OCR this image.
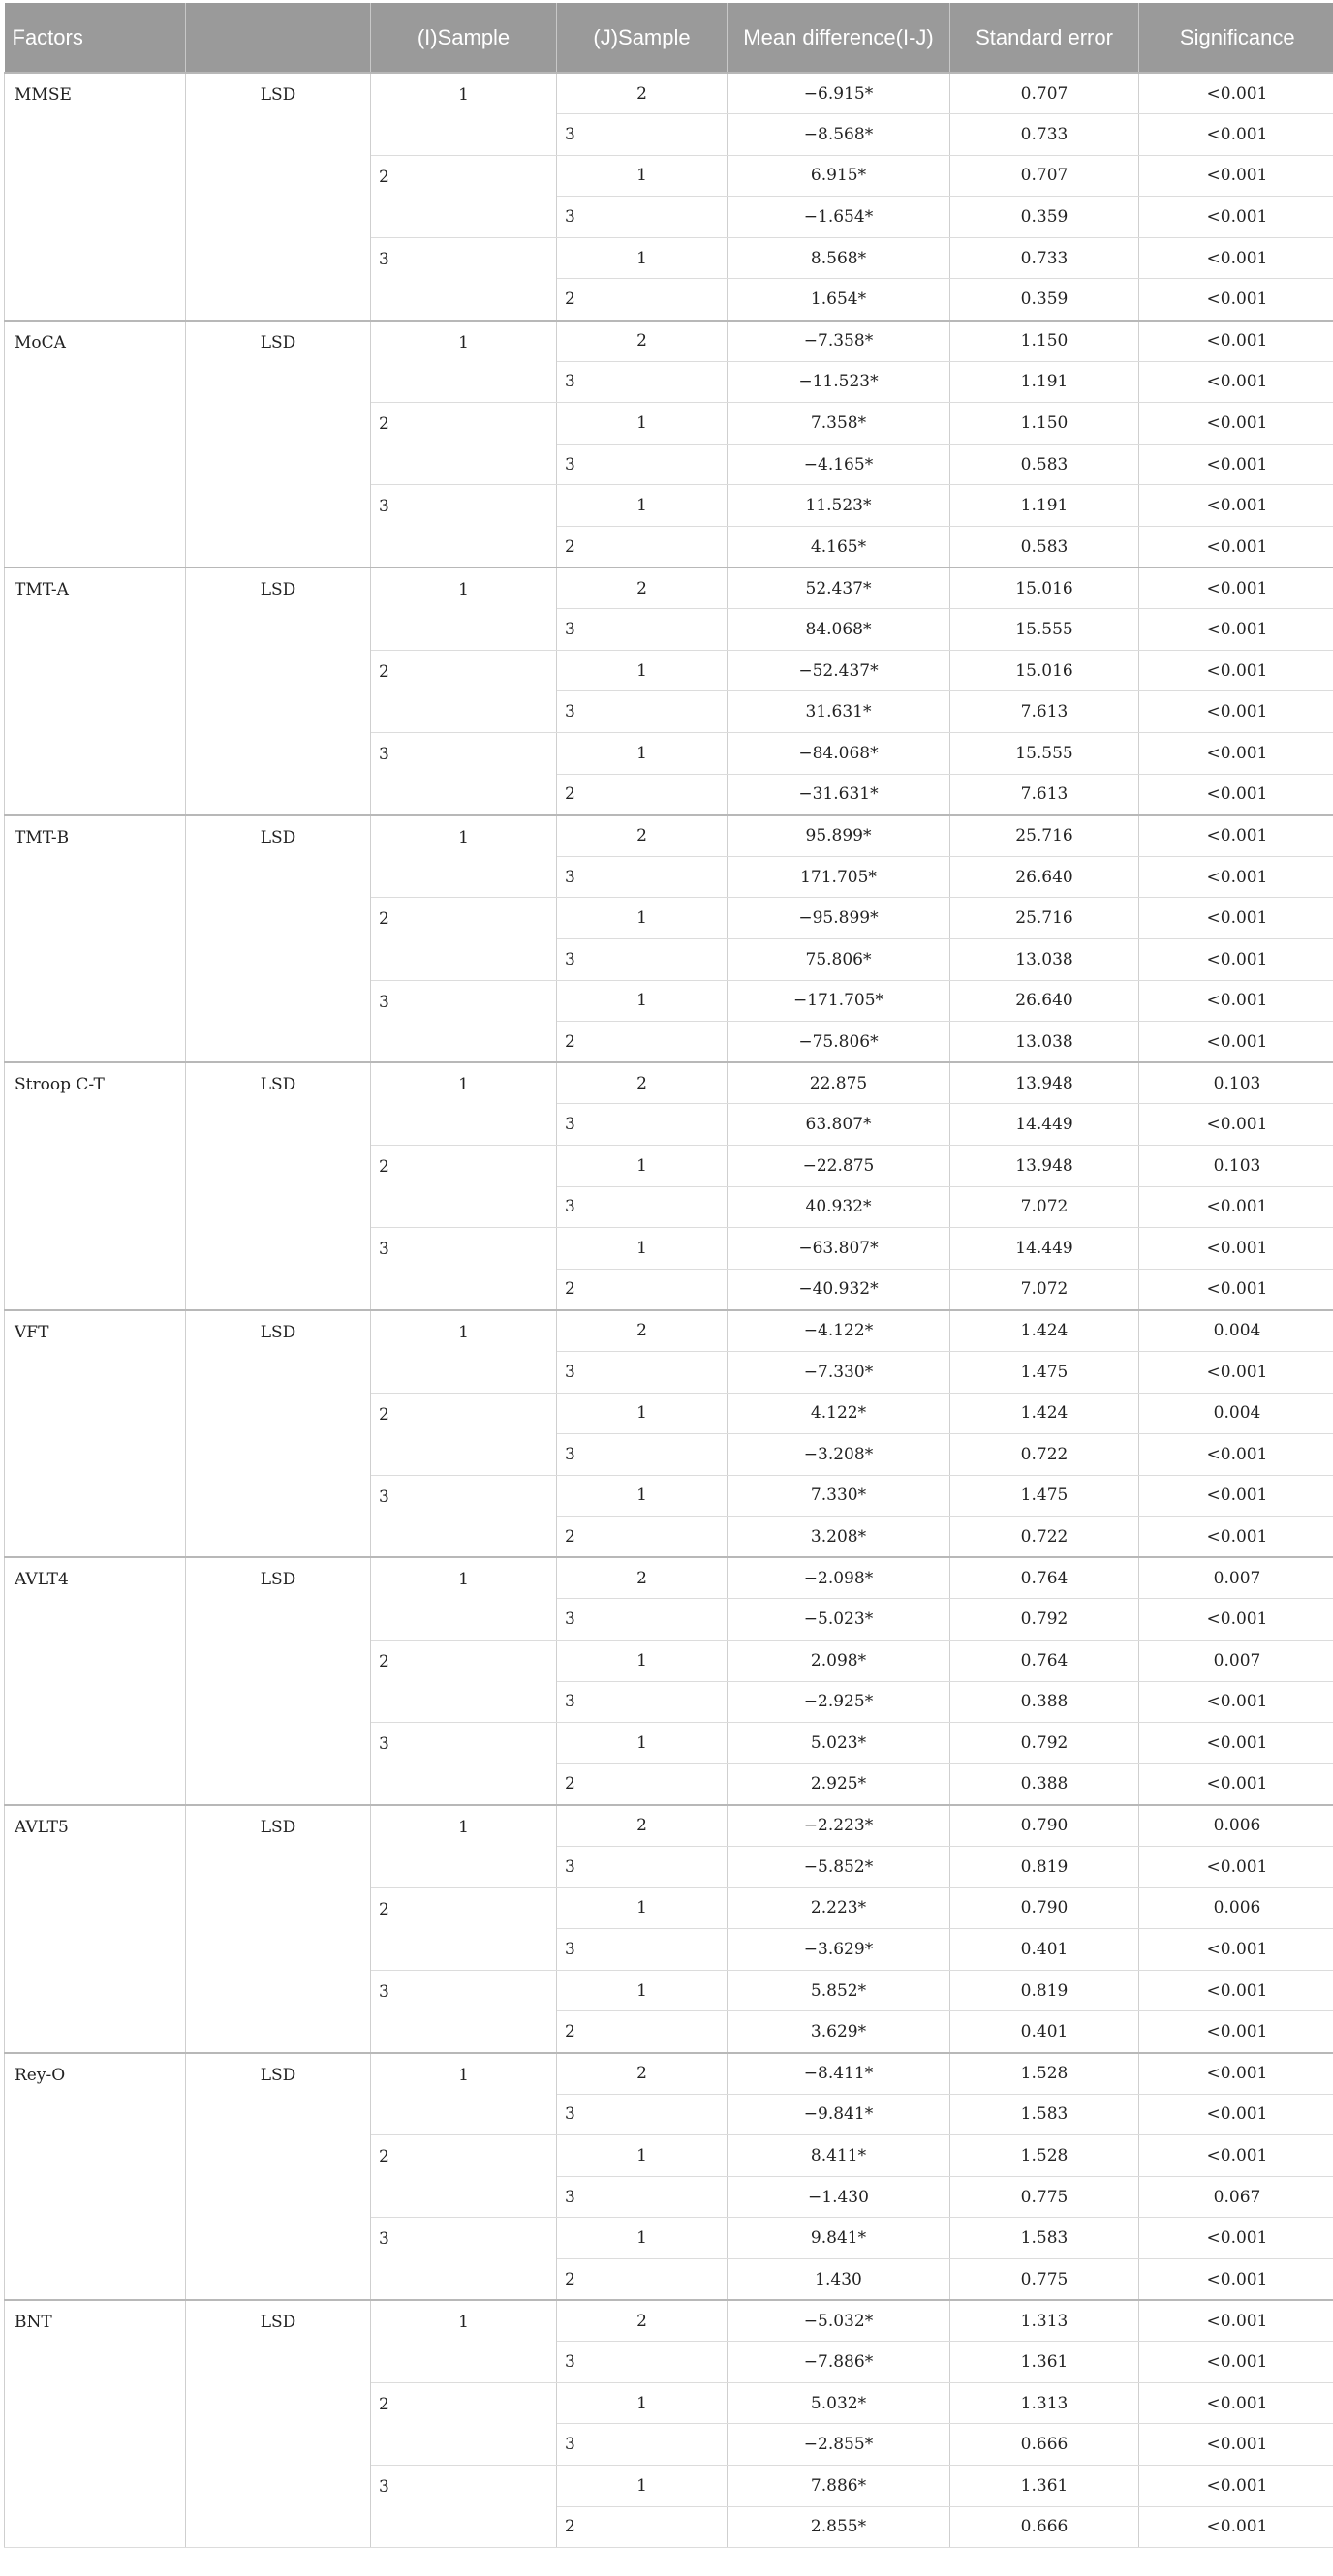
Factors		(I)Sample	(J)Sample	Mean difference(I-J)	Standard error	Significance
MMSE	LSD	1	2	−6.915*	0.707	<0.001
			3	−8.568*	0.733	<0.001
		2	1	6.915*	0.707	<0.001
			3	−1.654*	0.359	<0.001
		3	1	8.568*	0.733	<0.001
			2	1.654*	0.359	<0.001
MoCA	LSD	1	2	−7.358*	1.150	<0.001
			3	−11.523*	1.191	<0.001
		2	1	7.358*	1.150	<0.001
			3	−4.165*	0.583	<0.001
		3	1	11.523*	1.191	<0.001
			2	4.165*	0.583	<0.001
TMT-A	LSD	1	2	52.437*	15.016	<0.001
			3	84.068*	15.555	<0.001
		2	1	−52.437*	15.016	<0.001
			3	31.631*	7.613	<0.001
		3	1	−84.068*	15.555	<0.001
			2	−31.631*	7.613	<0.001
TMT-B	LSD	1	2	95.899*	25.716	<0.001
			3	171.705*	26.640	<0.001
		2	1	−95.899*	25.716	<0.001
			3	75.806*	13.038	<0.001
		3	1	−171.705*	26.640	<0.001
			2	−75.806*	13.038	<0.001
Stroop C-T	LSD	1	2	22.875	13.948	0.103
			3	63.807*	14.449	<0.001
		2	1	−22.875	13.948	0.103
			3	40.932*	7.072	<0.001
		3	1	−63.807*	14.449	<0.001
			2	−40.932*	7.072	<0.001
VFT	LSD	1	2	−4.122*	1.424	0.004
			3	−7.330*	1.475	<0.001
		2	1	4.122*	1.424	0.004
			3	−3.208*	0.722	<0.001
		3	1	7.330*	1.475	<0.001
			2	3.208*	0.722	<0.001
AVLT4	LSD	1	2	−2.098*	0.764	0.007
			3	−5.023*	0.792	<0.001
		2	1	2.098*	0.764	0.007
			3	−2.925*	0.388	<0.001
		3	1	5.023*	0.792	<0.001
			2	2.925*	0.388	<0.001
AVLT5	LSD	1	2	−2.223*	0.790	0.006
			3	−5.852*	0.819	<0.001
		2	1	2.223*	0.790	0.006
			3	−3.629*	0.401	<0.001
		3	1	5.852*	0.819	<0.001
			2	3.629*	0.401	<0.001
Rey-O	LSD	1	2	−8.411*	1.528	<0.001
			3	−9.841*	1.583	<0.001
		2	1	8.411*	1.528	<0.001
			3	−1.430	0.775	0.067
		3	1	9.841*	1.583	<0.001
			2	1.430	0.775	<0.001
BNT	LSD	1	2	−5.032*	1.313	<0.001
			3	−7.886*	1.361	<0.001
		2	1	5.032*	1.313	<0.001
			3	−2.855*	0.666	<0.001
		3	1	7.886*	1.361	<0.001
			2	2.855*	0.666	<0.001
